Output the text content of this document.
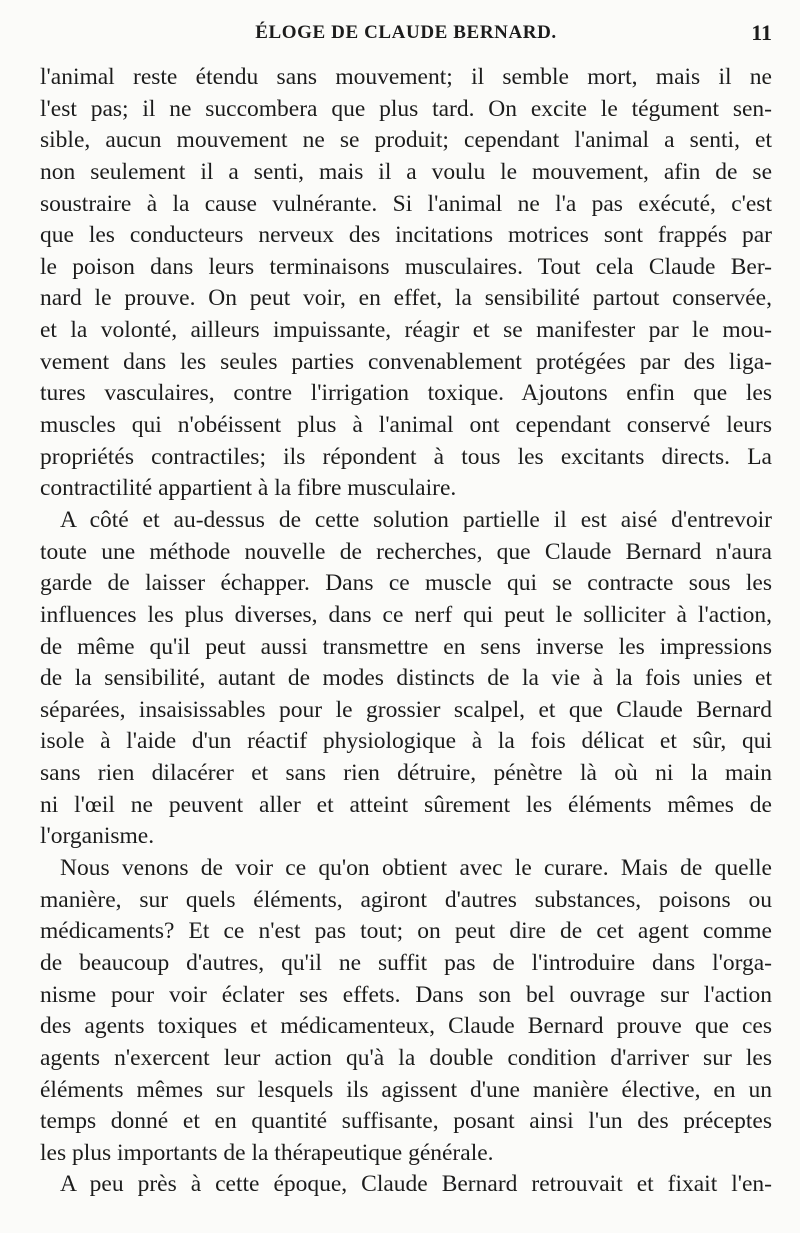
ÉLOGE DE CLAUDE BERNARD.	11
l'animal reste étendu sans mouvement; il semble mort, mais il ne
l'est pas; il ne succombera que plus tard. On excite le tégument sen-
sible, aucun mouvement ne se produit; cependant l'animal a senti, et
non seulement il a senti, mais il a voulu le mouvement, afin de se
soustraire à la cause vulnérante. Si l'animal ne l'a pas exécuté, c'est
que les conducteurs nerveux des incitations motrices sont frappés par
le poison dans leurs terminaisons musculaires. Tout cela Claude Ber-
nard le prouve. On peut voir, en effet, la sensibilité partout conservée,
et la volonté, ailleurs impuissante, réagir et se manifester par le mou-
vement dans les seules parties convenablement protégées par des liga-
tures vasculaires, contre l'irrigation toxique. Ajoutons enfin que les
muscles qui n'obéissent plus à l'animal ont cependant conservé leurs
propriétés contractiles; ils répondent à tous les excitants directs. La
contractilité appartient à la fibre musculaire.
A côté et au-dessus de cette solution partielle il est aisé d'entrevoir
toute une méthode nouvelle de recherches, que Claude Bernard n'aura
garde de laisser échapper. Dans ce muscle qui se contracte sous les
influences les plus diverses, dans ce nerf qui peut le solliciter à l'action,
de même qu'il peut aussi transmettre en sens inverse les impressions
de la sensibilité, autant de modes distincts de la vie à la fois unies et
séparées, insaisissables pour le grossier scalpel, et que Claude Bernard
isole à l'aide d'un réactif physiologique à la fois délicat et sûr, qui
sans rien dilacérer et sans rien détruire, pénètre là où ni la main
ni l'œil ne peuvent aller et atteint sûrement les éléments mêmes de
l'organisme.
Nous venons de voir ce qu'on obtient avec le curare. Mais de quelle
manière, sur quels éléments, agiront d'autres substances, poisons ou
médicaments? Et ce n'est pas tout; on peut dire de cet agent comme
de beaucoup d'autres, qu'il ne suffit pas de l'introduire dans l'orga-
nisme pour voir éclater ses effets. Dans son bel ouvrage sur l'action
des agents toxiques et médicamenteux, Claude Bernard prouve que ces
agents n'exercent leur action qu'à la double condition d'arriver sur les
éléments mêmes sur lesquels ils agissent d'une manière élective, en un
temps donné et en quantité suffisante, posant ainsi l'un des préceptes
les plus importants de la thérapeutique générale.
A peu près à cette époque, Claude Bernard retrouvait et fixait l'en-
